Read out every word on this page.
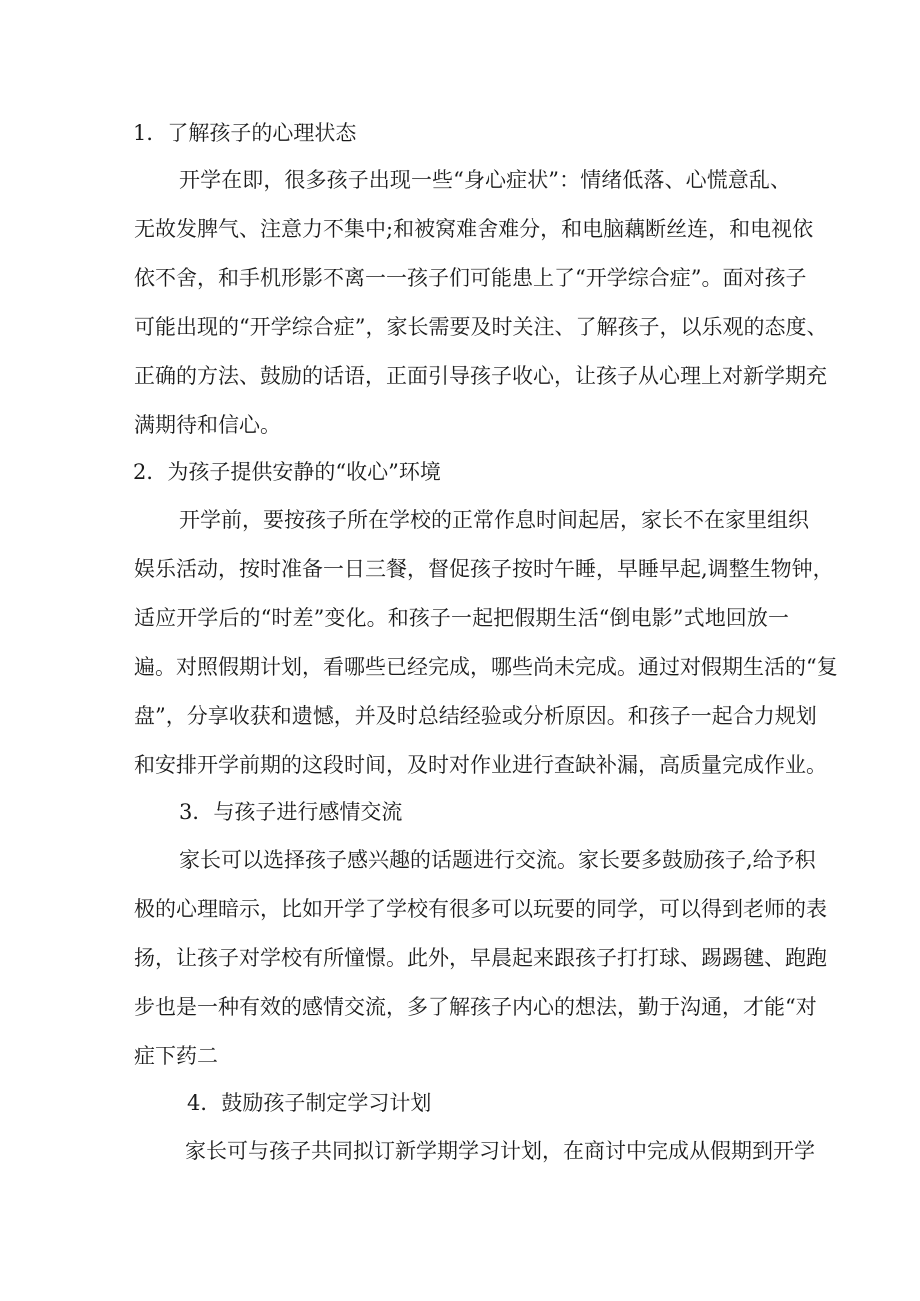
1．了解孩子的心理状态
开学在即，很多孩子出现一些“身心症状”：情绪低落、心慌意乱、
无故发脾气、注意力不集中;和被窝难舍难分，和电脑藕断丝连，和电视依
依不舍，和手机形影不离一一孩子们可能患上了“开学综合症”。面对孩子
可能出现的“开学综合症”，家长需要及时关注、了解孩子，以乐观的态度、
正确的方法、鼓励的话语，正面引导孩子收心，让孩子从心理上对新学期充
满期待和信心。
2．为孩子提供安静的“收心”环境
开学前，要按孩子所在学校的正常作息时间起居，家长不在家里组织
娱乐活动，按时准备一日三餐，督促孩子按时午睡，早睡早起,调整生物钟，
适应开学后的“时差”变化。和孩子一起把假期生活“倒电影”式地回放一
遍。对照假期计划，看哪些已经完成，哪些尚未完成。通过对假期生活的“复
盘”，分享收获和遗憾，并及时总结经验或分析原因。和孩子一起合力规划
和安排开学前期的这段时间，及时对作业进行查缺补漏，高质量完成作业。
3．与孩子进行感情交流
家长可以选择孩子感兴趣的话题进行交流。家长要多鼓励孩子,给予积
极的心理暗示，比如开学了学校有很多可以玩要的同学，可以得到老师的表
扬，让孩子对学校有所憧憬。此外，早晨起来跟孩子打打球、踢踢毽、跑跑
步也是一种有效的感情交流，多了解孩子内心的想法，勤于沟通，才能“对
症下药二
4．鼓励孩子制定学习计划
家长可与孩子共同拟订新学期学习计划，在商讨中完成从假期到开学
